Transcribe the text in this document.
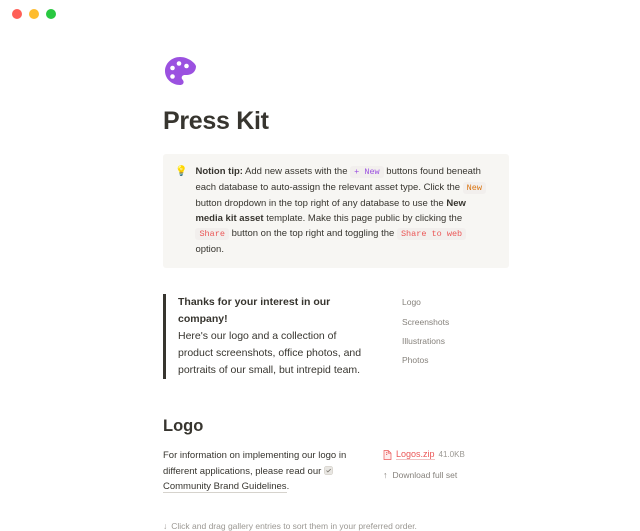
Press Kit
💡 Notion tip: Add new assets with the + New buttons found beneath each database to auto-assign the relevant asset type. Click the New button dropdown in the top right of any database to use the New media kit asset template. Make this page public by clicking the Share button on the top right and toggling the Share to web option.
Thanks for your interest in our company!
Here's our logo and a collection of product screenshots, office photos, and portraits of our small, but intrepid team.
Logo
Screenshots
Illustrations
Photos
Logo
For information on implementing our logo in different applications, please read our Community Brand Guidelines.
Logos.zip 41.0KB
↑ Download full set
↓ Click and drag gallery entries to sort them in your preferred order.
